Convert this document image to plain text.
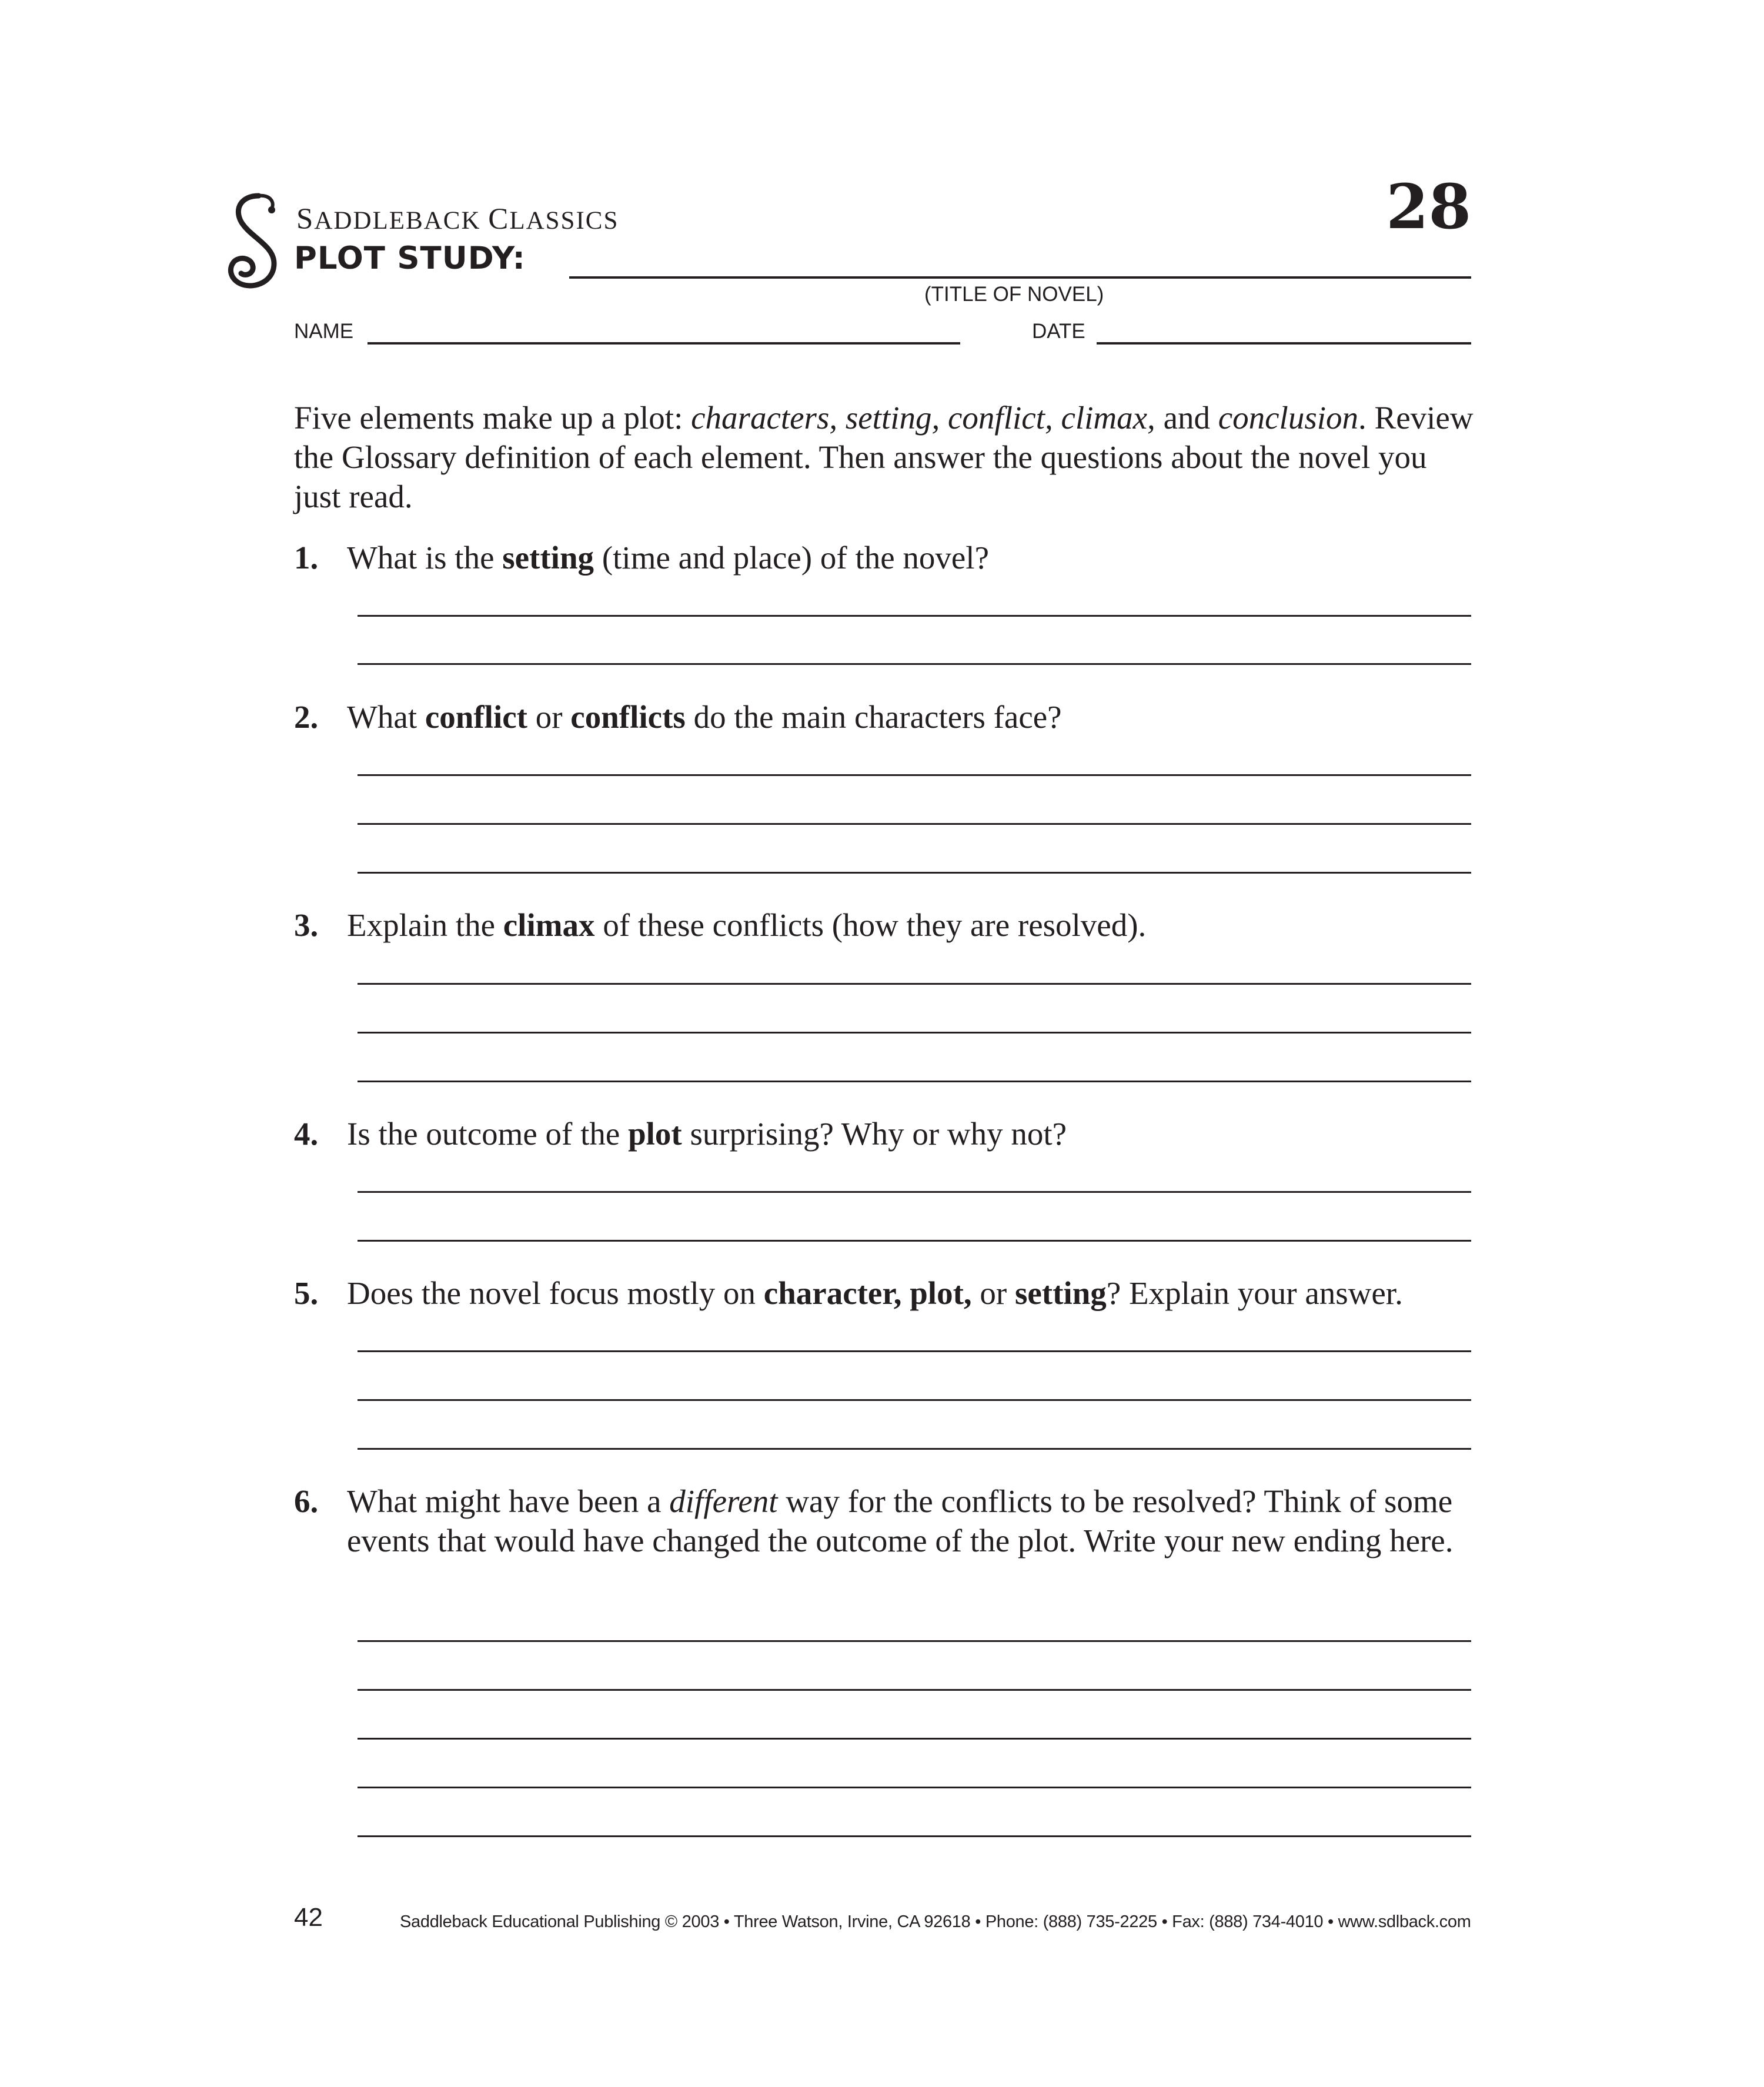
SADDLEBACK CLASSICS	28
PLOT STUDY:
(TITLE OF NOVEL)
NAME	DATE
Five elements make up a plot: characters, setting, conflict, climax, and conclusion. Review the Glossary definition of each element. Then answer the questions about the novel you just read.
1. What is the setting (time and place) of the novel?
2. What conflict or conflicts do the main characters face?
3. Explain the climax of these conflicts (how they are resolved).
4. Is the outcome of the plot surprising? Why or why not?
5. Does the novel focus mostly on character, plot, or setting? Explain your answer.
6. What might have been a different way for the conflicts to be resolved? Think of some events that would have changed the outcome of the plot. Write your new ending here.
42	Saddleback Educational Publishing © 2003 • Three Watson, Irvine, CA 92618 • Phone: (888) 735-2225 • Fax: (888) 734-4010 • www.sdlback.com
